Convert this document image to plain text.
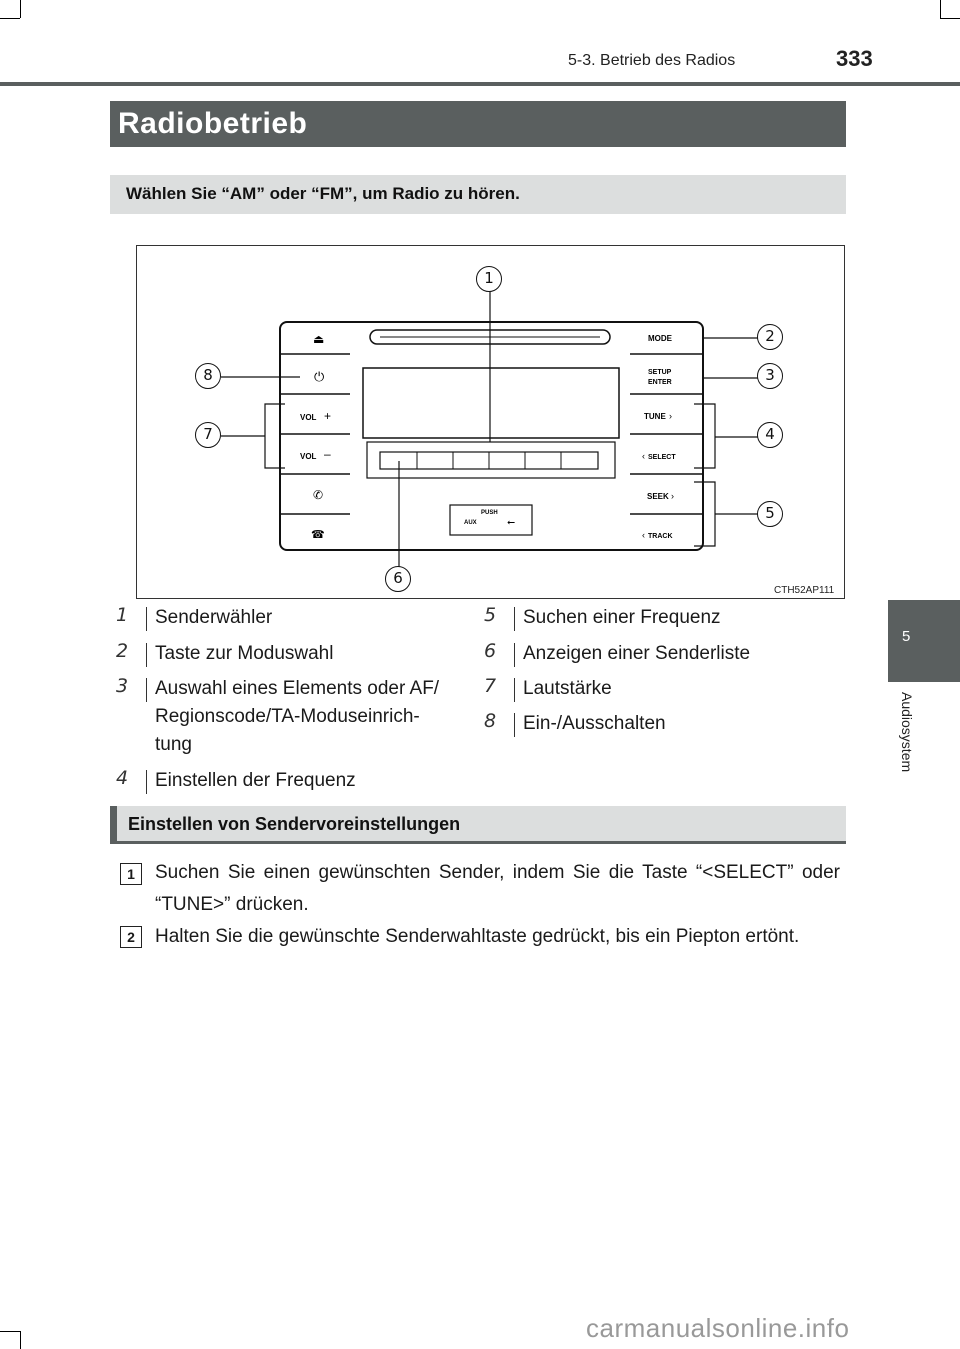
5-3. Betrieb des Radios	333
5
Audiosystem
Radiobetrieb
Wählen Sie “AM” oder “FM”, um Radio zu hören.
PUSH
AUX	⭠
⏏
⏻
VOL +
VOL –
✆
☎
MODE
SETUP
ENTER
TUNE ›
‹ SELECT
SEEK ›
‹ TRACK
CTH52AP111
1
2
3
4
5
6
7
8
1 Senderwähler
2 Taste zur Moduswahl
3 Auswahl eines Elements oder AF/
Regionscode/TA-Moduseinrich-
tung
4 Einstellen der Frequenz
5 Suchen einer Frequenz
6 Anzeigen einer Senderliste
7 Lautstärke
8 Ein-/Ausschalten
Einstellen von Sendervoreinstellungen
1	Suchen Sie einen gewünschten Sender, indem Sie die Taste “<SELECT” oder “TUNE>” drücken.
2	Halten Sie die gewünschte Senderwahltaste gedrückt, bis ein Piepton ertönt.
carmanualsonline.info
